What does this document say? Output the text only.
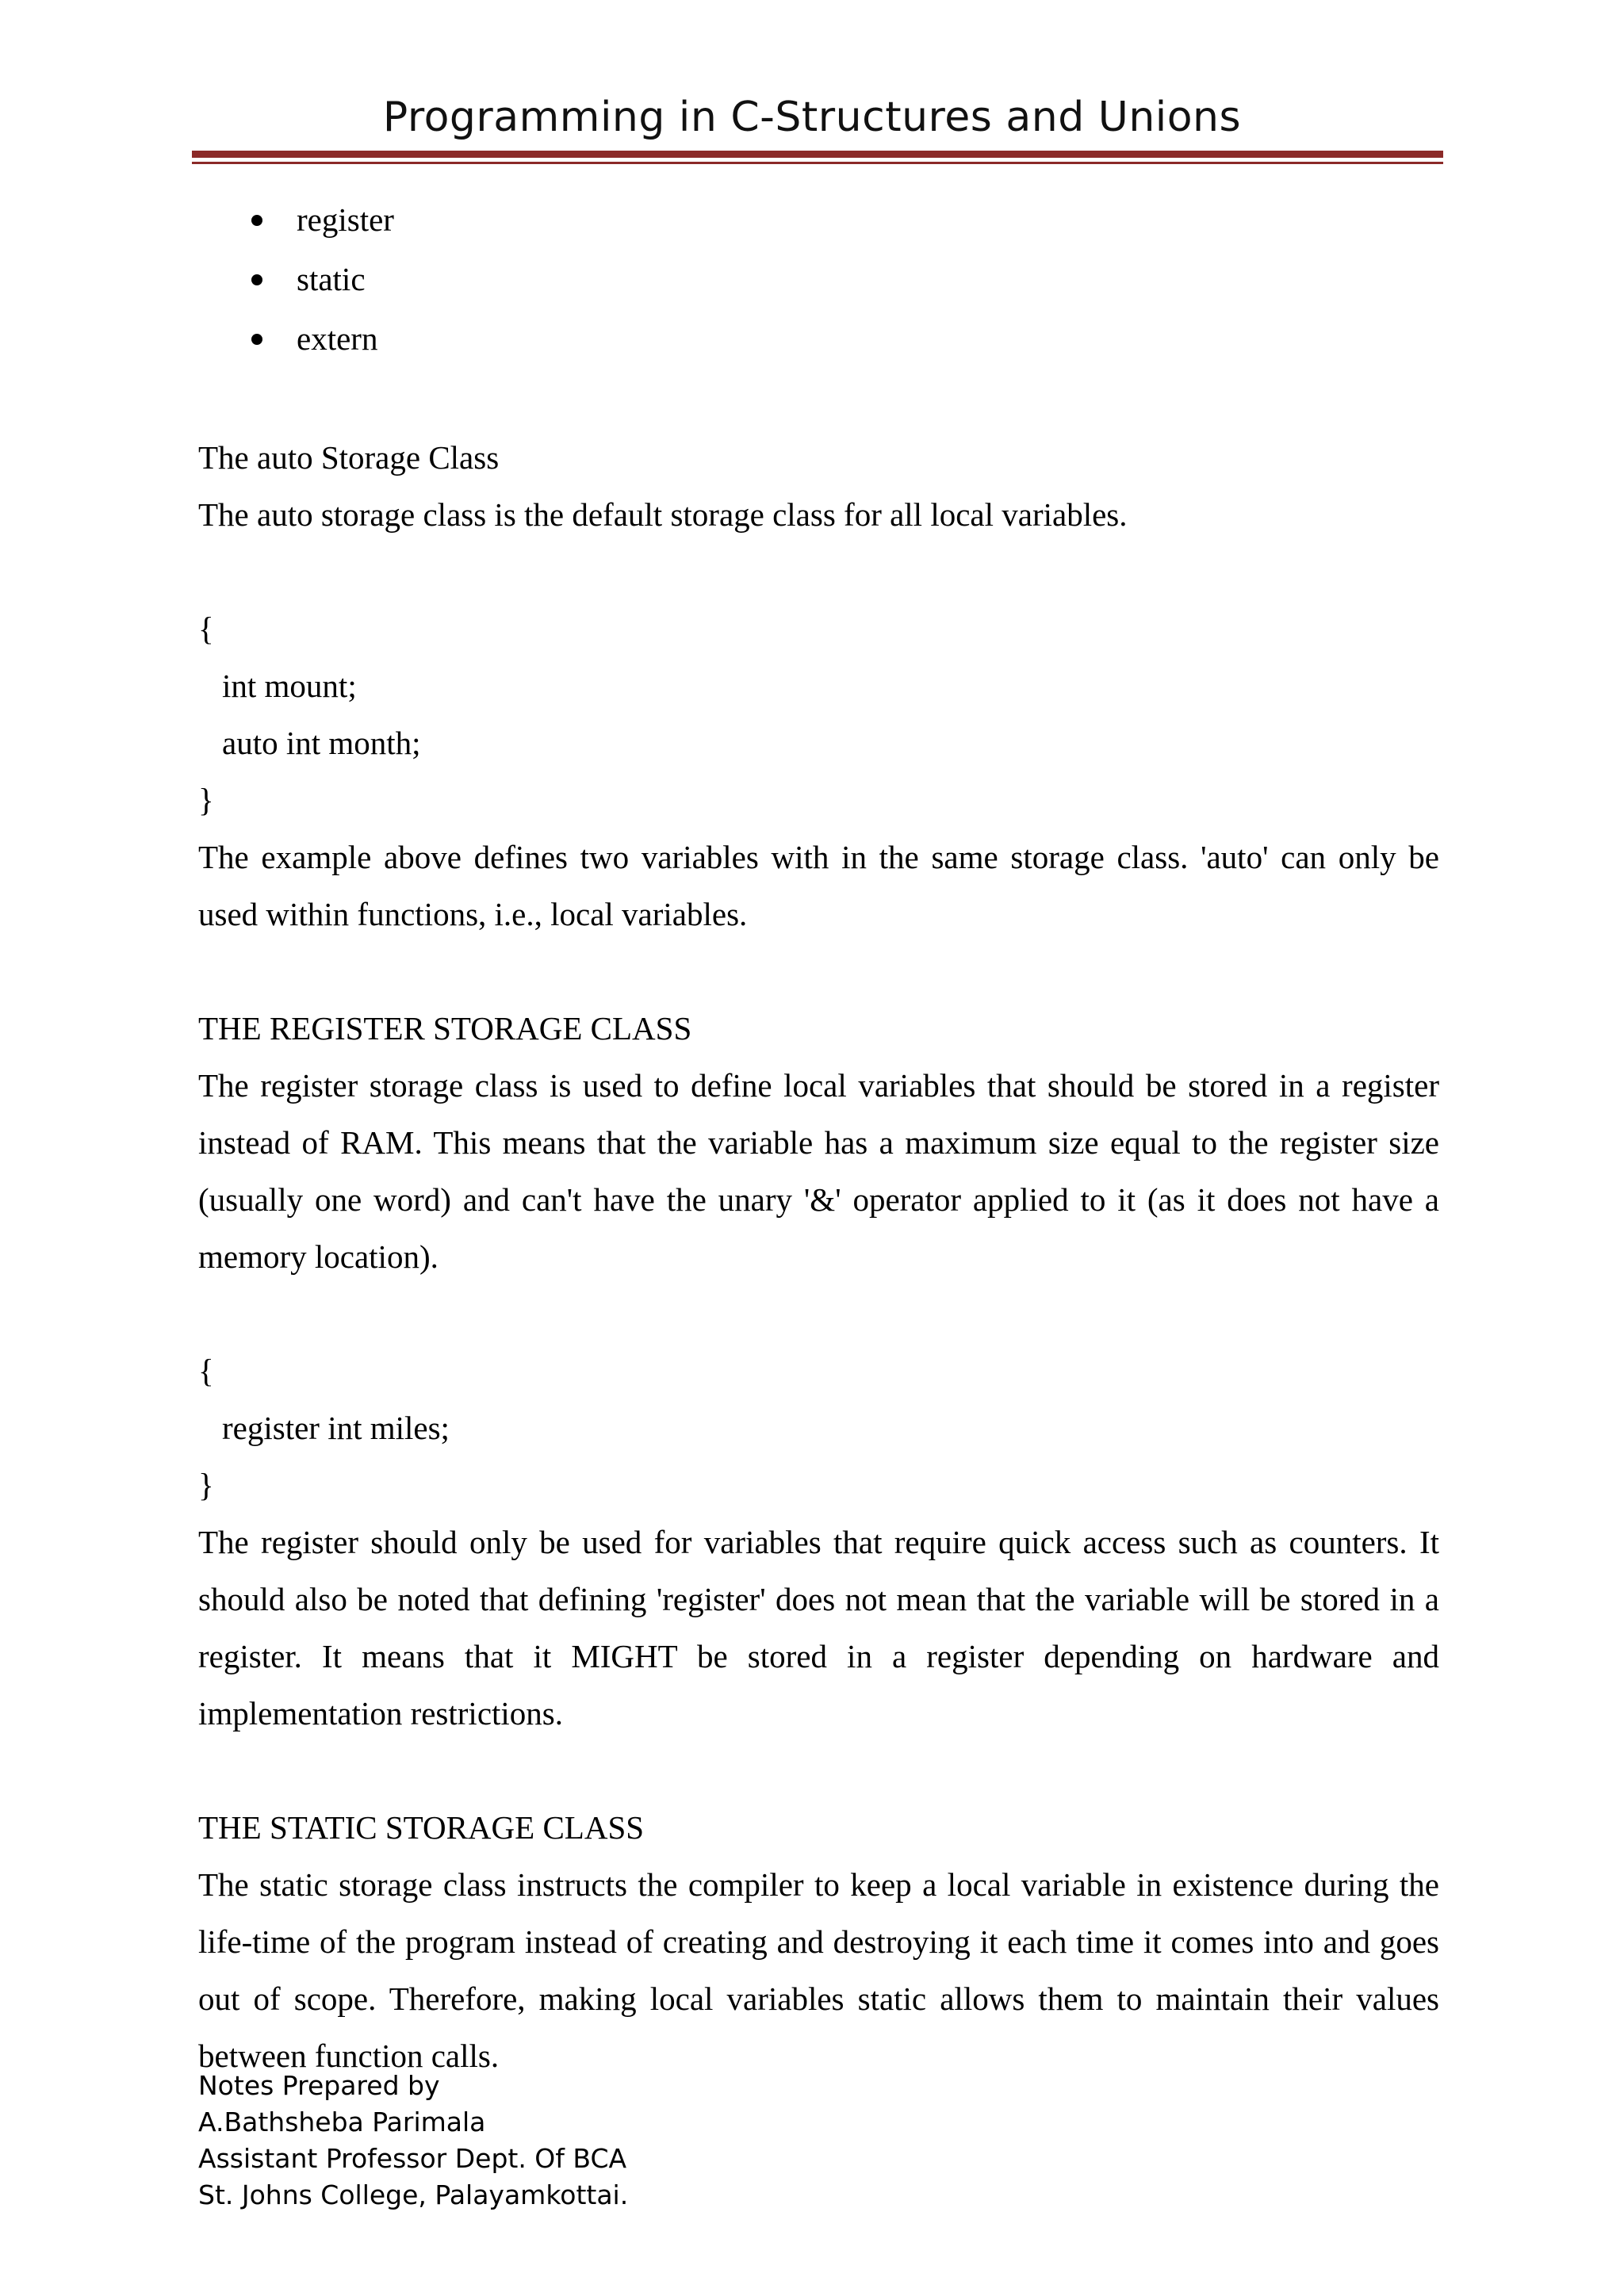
Programming in C-Structures and Unions
register
static
extern
The auto Storage Class
The auto storage class is the default storage class for all local variables.
{
int mount;
auto int month;
}
The example above defines two variables with in the same storage class. 'auto' can only be used within functions, i.e., local variables.
THE REGISTER STORAGE CLASS
The register storage class is used to define local variables that should be stored in a register instead of RAM. This means that the variable has a maximum size equal to the register size (usually one word) and can't have the unary '&' operator applied to it (as it does not have a memory location).
{
register int miles;
}
The register should only be used for variables that require quick access such as counters. It should also be noted that defining 'register' does not mean that the variable will be stored in a register. It means that it MIGHT be stored in a register depending on hardware and implementation restrictions.
THE STATIC STORAGE CLASS
The static storage class instructs the compiler to keep a local variable in existence during the life-time of the program instead of creating and destroying it each time it comes into and goes out of scope. Therefore, making local variables static allows them to maintain their values between function calls.
Notes Prepared by
A.Bathsheba Parimala
Assistant Professor Dept. Of BCA
St. Johns College, Palayamkottai.
